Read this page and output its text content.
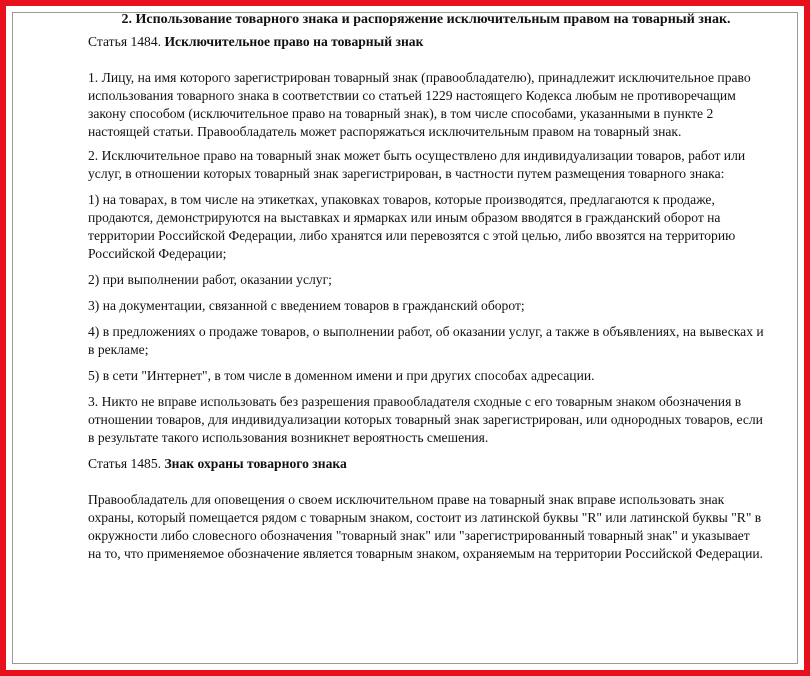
2. Использование товарного знака и распоряжение исключительным правом на товарный знак.
Статья 1484. Исключительное право на товарный знак

1. Лицу, на имя которого зарегистрирован товарный знак (правообладателю), принадлежит исключительное право использования товарного знака в соответствии со статьей 1229 настоящего Кодекса любым не противоречащим закону способом (исключительное право на товарный знак), в том числе способами, указанными в пункте 2 настоящей статьи. Правообладатель может распоряжаться исключительным правом на товарный знак.

2. Исключительное право на товарный знак может быть осуществлено для индивидуализации товаров, работ или услуг, в отношении которых товарный знак зарегистрирован, в частности путем размещения товарного знака:

1) на товарах, в том числе на этикетках, упаковках товаров, которые производятся, предлагаются к продаже, продаются, демонстрируются на выставках и ярмарках или иным образом вводятся в гражданский оборот на территории Российской Федерации, либо хранятся или перевозятся с этой целью, либо ввозятся на территорию Российской Федерации;

2) при выполнении работ, оказании услуг;

3) на документации, связанной с введением товаров в гражданский оборот;

4) в предложениях о продаже товаров, о выполнении работ, об оказании услуг, а также в объявлениях, на вывесках и в рекламе;

5) в сети "Интернет", в том числе в доменном имени и при других способах адресации.

3. Никто не вправе использовать без разрешения правообладателя сходные с его товарным знаком обозначения в отношении товаров, для индивидуализации которых товарный знак зарегистрирован, или однородных товаров, если в результате такого использования возникнет вероятность смешения.

Статья 1485. Знак охраны товарного знака

Правообладатель для оповещения о своем исключительном праве на товарный знак вправе использовать знак охраны, который помещается рядом с товарным знаком, состоит из латинской буквы "R" или латинской буквы "R" в окружности либо словесного обозначения "товарный знак" или "зарегистрированный товарный знак" и указывает на то, что применяемое обозначение является товарным знаком, охраняемым на территории Российской Федерации.
